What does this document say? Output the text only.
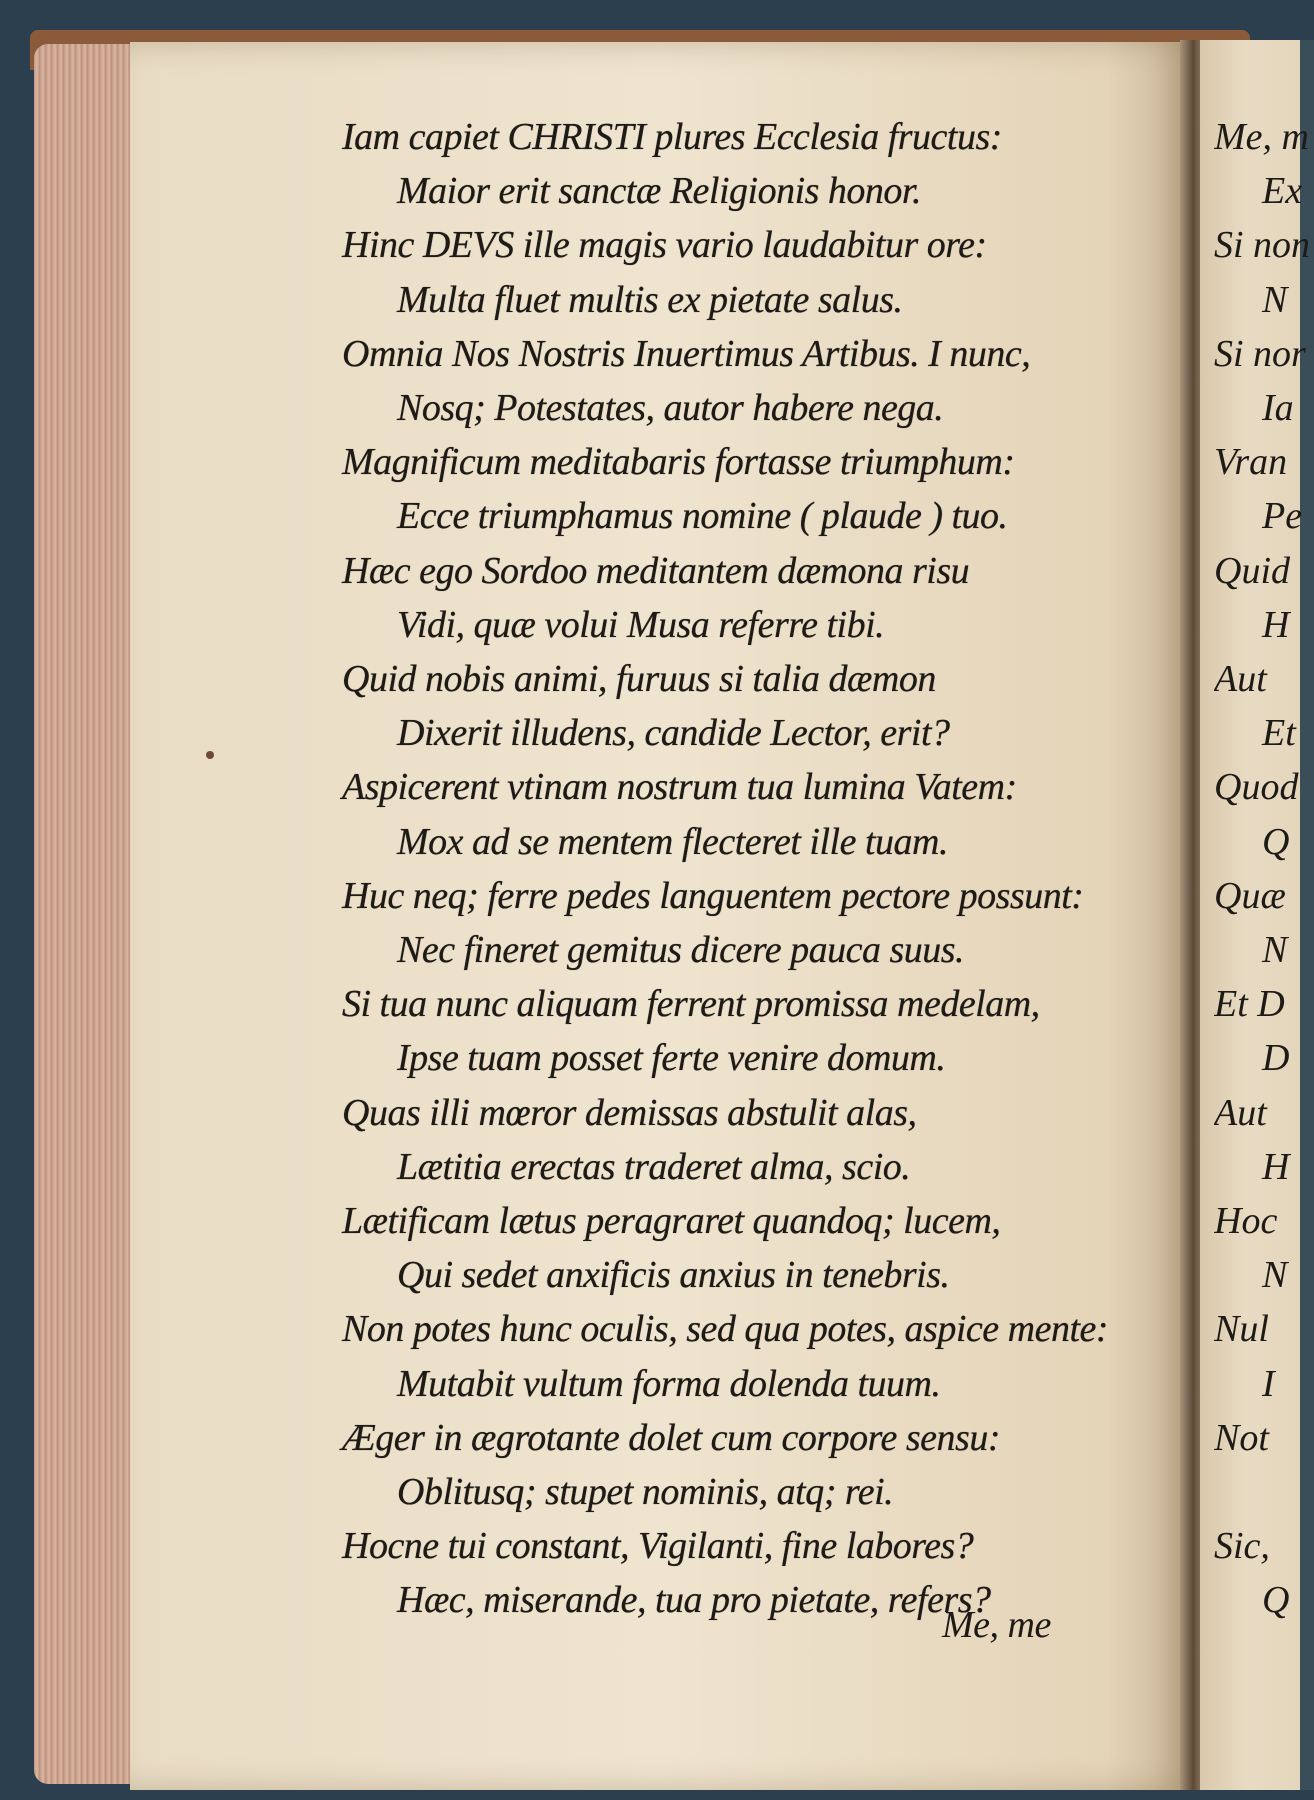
Me, me
Iam capiet CHRISTI plures Ecclesia fructus:
Maior erit sanctæ Religionis honor.
Hinc DEVS ille magis vario laudabitur ore:
Multa fluet multis ex pietate salus.
Omnia Nos Nostris Inuertimus Artibus. I nunc,
Nosq; Potestates, autor habere nega.
Magnificum meditabaris fortasse triumphum:
Ecce triumphamus nomine ( plaude ) tuo.
Hæc ego Sordoo meditantem dæmona risu
Vidi, quæ volui Musa referre tibi.
Quid nobis animi, furuus si talia dæmon
Dixerit illudens, candide Lector, erit?
Aspicerent vtinam nostrum tua lumina Vatem:
Mox ad se mentem flecteret ille tuam.
Huc neq; ferre pedes languentem pectore possunt:
Nec fineret gemitus dicere pauca suus.
Si tua nunc aliquam ferrent promissa medelam,
Ipse tuam posset ferte venire domum.
Quas illi mœror demissas abstulit alas,
Lætitia erectas traderet alma, scio.
Lætificam lætus peragraret quandoq; lucem,
Qui sedet anxificis anxius in tenebris.
Non potes hunc oculis, sed qua potes, aspice mente:
Mutabit vultum forma dolenda tuum.
Æger in ægrotante dolet cum corpore sensu:
Oblitusq; stupet nominis, atq; rei.
Hocne tui constant, Vigilanti, fine labores?
Hæc, miserande, tua pro pietate, refers?
Me, m
Ex
Si non
N
Si nor
Ia
Vran
Pe
Quid
H
Aut
Et
Quod
Q
Quæ
N
Et D
D
Aut
H
Hoc
N
Nul
I
Not
Sic,
Q
